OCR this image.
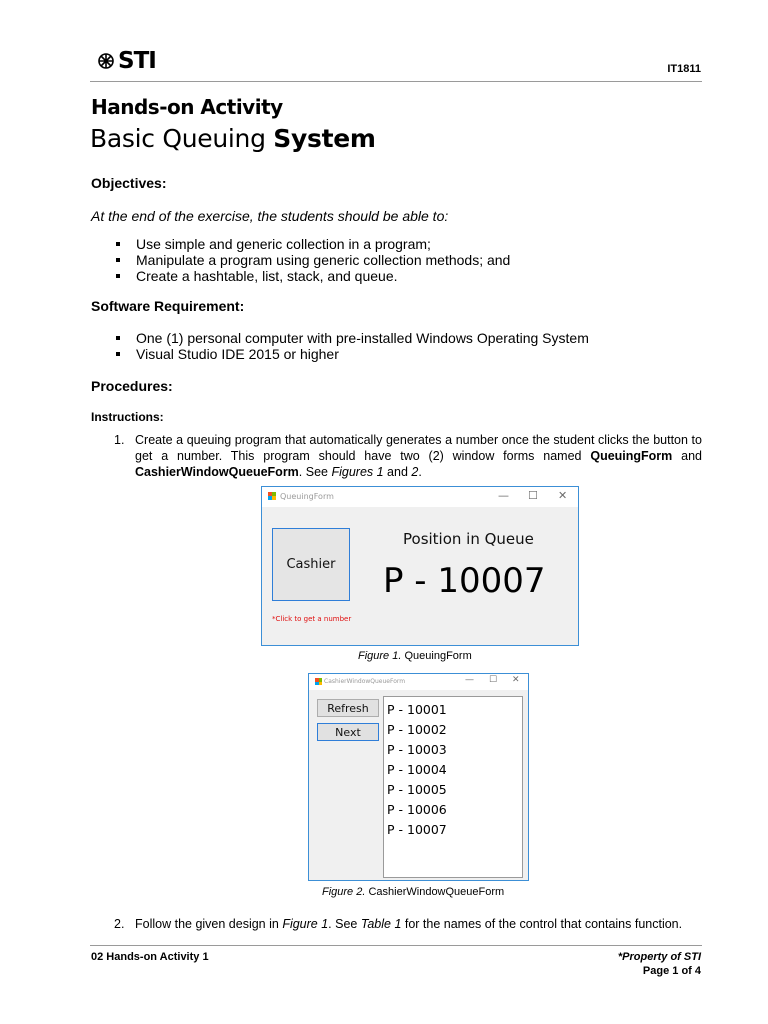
STI	IT1811
Hands-on Activity
Basic Queuing System
Objectives:
At the end of the exercise, the students should be able to:
Use simple and generic collection in a program;
Manipulate a program using generic collection methods; and
Create a hashtable, list, stack, and queue.
Software Requirement:
One (1) personal computer with pre-installed Windows Operating System
Visual Studio IDE 2015 or higher
Procedures:
Instructions:
1. Create a queuing program that automatically generates a number once the student clicks the button to get a number. This program should have two (2) window forms named QueuingForm and CashierWindowQueueForm. See Figures 1 and 2.
QueuingForm	— ☐ ✕
Cashier
*Click to get a number
Position in Queue
P - 10007
Figure 1. QueuingForm
CashierWindowQueueForm	— ☐ ✕
Refresh
Next
P - 10001
P - 10002
P - 10003
P - 10004
P - 10005
P - 10006
P - 10007
Figure 2. CashierWindowQueueForm
2. Follow the given design in Figure 1. See Table 1 for the names of the control that contains function.
02 Hands-on Activity 1	*Property of STI
Page 1 of 4
